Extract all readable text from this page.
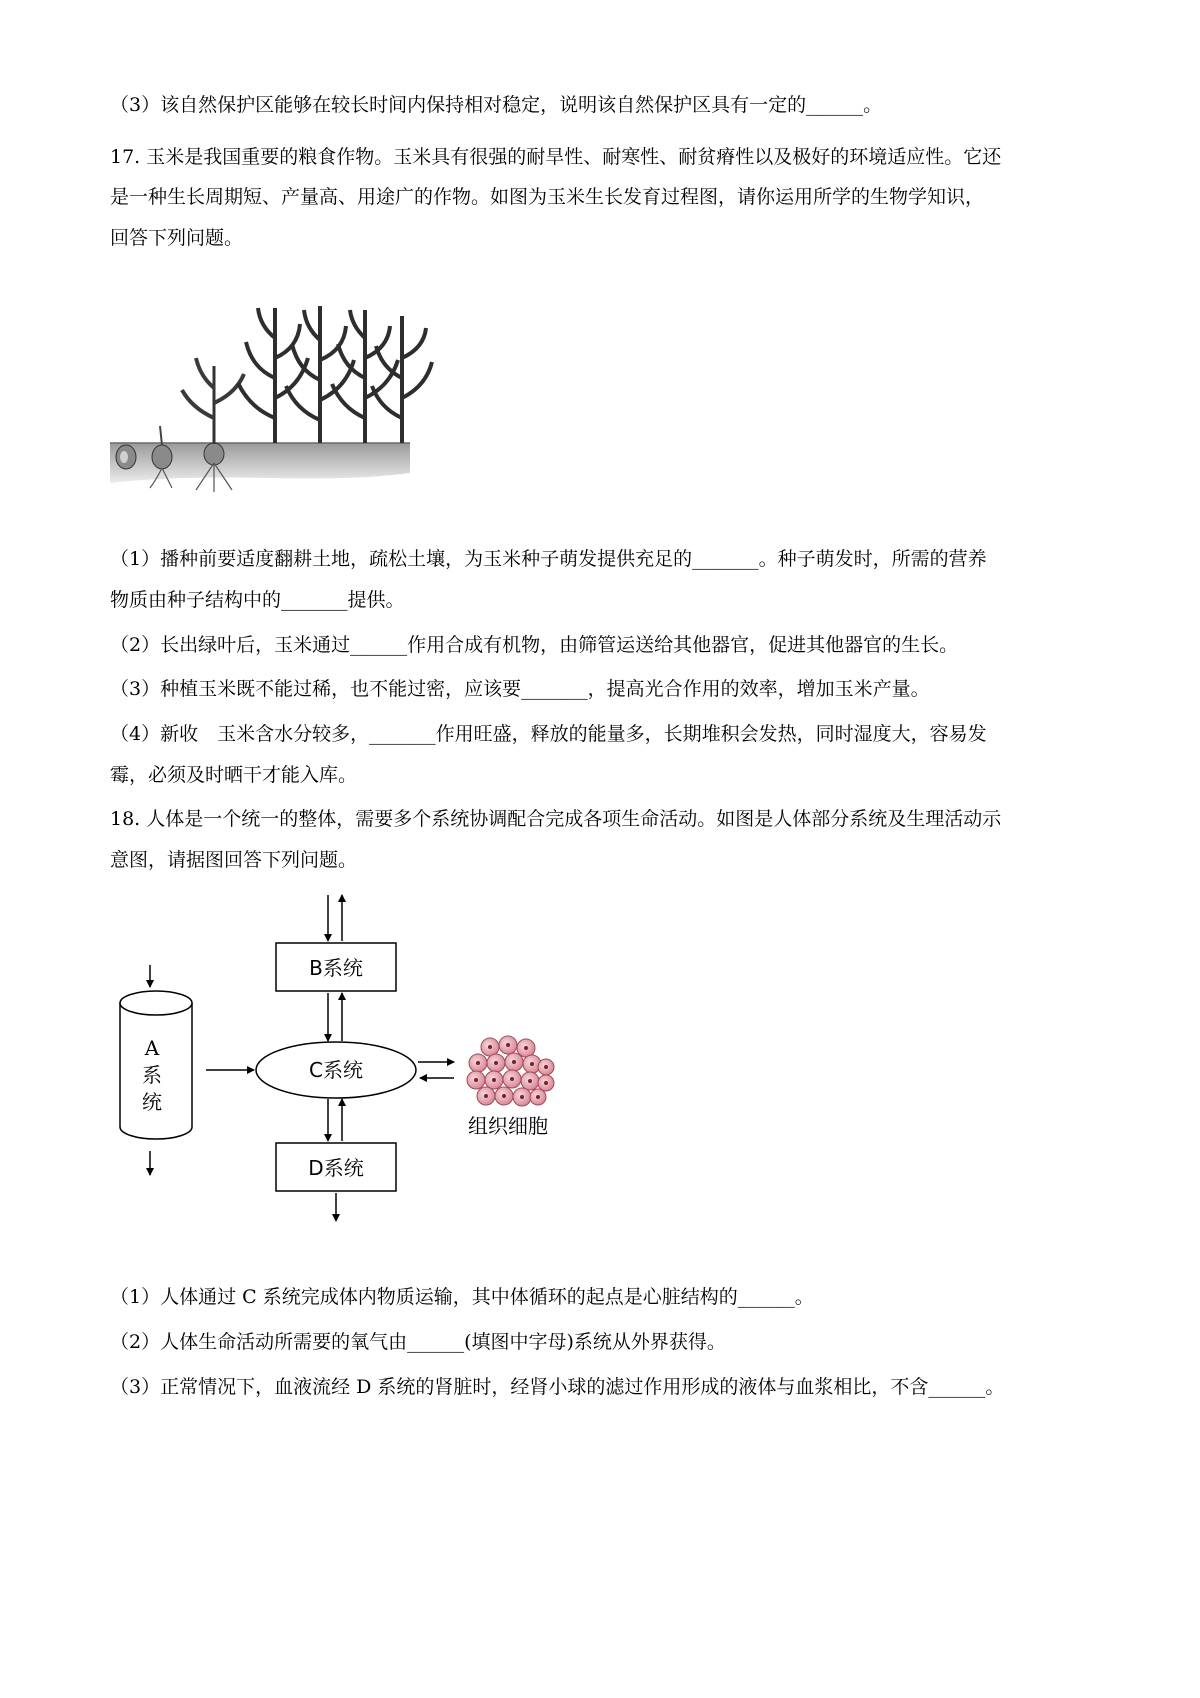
（3）该自然保护区能够在较长时间内保持相对稳定，说明该自然保护区具有一定的______。
17. 玉米是我国重要的粮食作物。玉米具有很强的耐旱性、耐寒性、耐贫瘠性以及极好的环境适应性。它还
是一种生长周期短、产量高、用途广的作物。如图为玉米生长发育过程图，请你运用所学的生物学知识，
回答下列问题。
（1）播种前要适度翻耕土地，疏松土壤，为玉米种子萌发提供充足的_______。种子萌发时，所需的营养
物质由种子结构中的_______提供。
（2）长出绿叶后，玉米通过______作用合成有机物，由筛管运送给其他器官，促进其他器官的生长。
（3）种植玉米既不能过稀，也不能过密，应该要_______，提高光合作用的效率，增加玉米产量。
（4）新收　玉米含水分较多，_______作用旺盛，释放的能量多，长期堆积会发热，同时湿度大，容易发
霉，必须及时晒干才能入库。
18. 人体是一个统一的整体，需要多个系统协调配合完成各项生命活动。如图是人体部分系统及生理活动示
意图，请据图回答下列问题。
A
系
统
B系统
C系统
D系统
组织细胞
（1）人体通过 C 系统完成体内物质运输，其中体循环的起点是心脏结构的______。
（2）人体生命活动所需要的氧气由______(填图中字母)系统从外界获得。
（3）正常情况下，血液流经 D 系统的肾脏时，经肾小球的滤过作用形成的液体与血浆相比，不含______。
